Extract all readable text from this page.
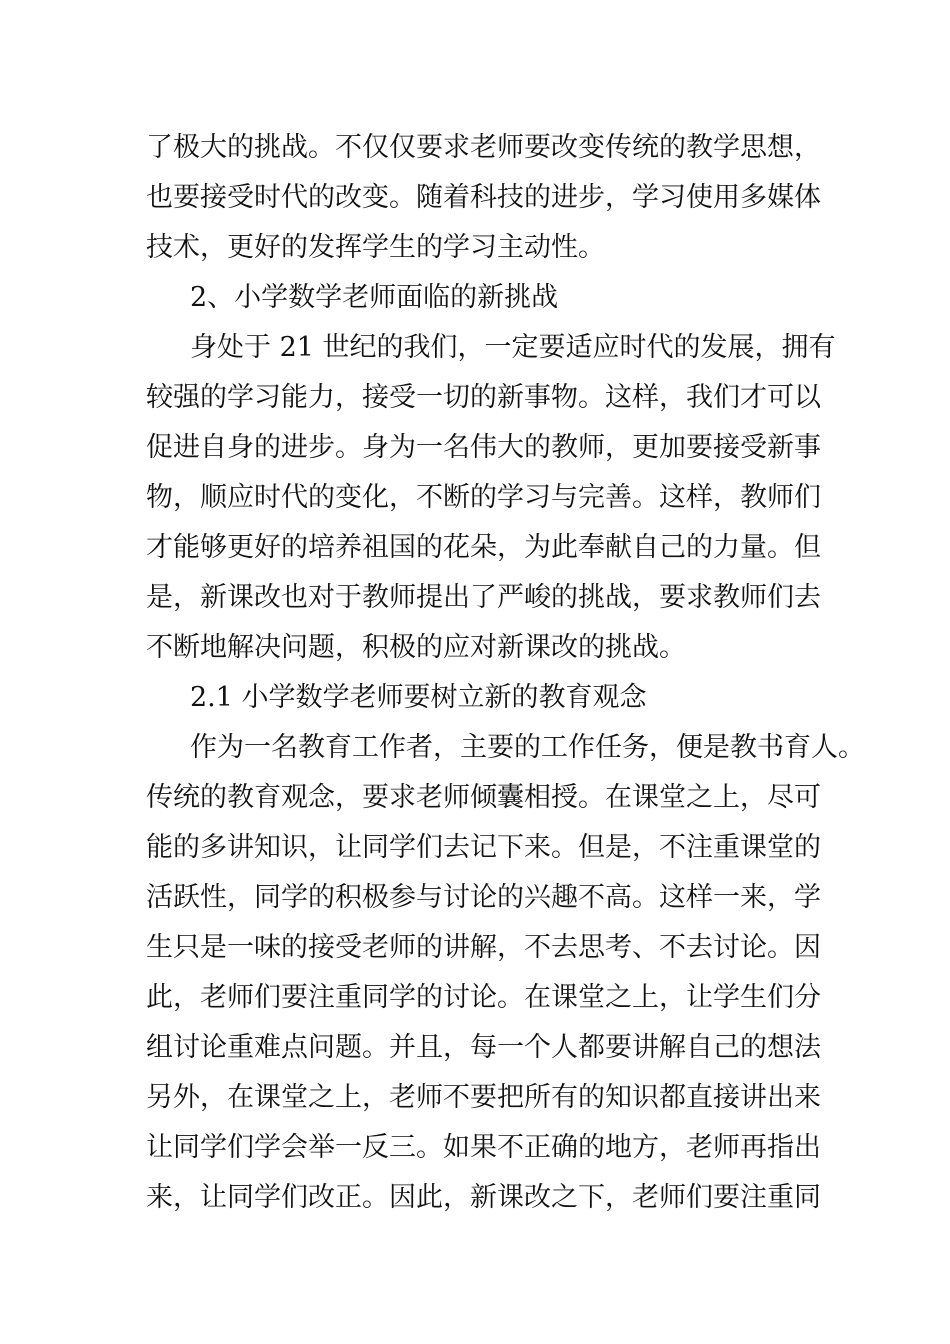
了极大的挑战。不仅仅要求老师要改变传统的教学思想，
也要接受时代的改变。随着科技的进步，学习使用多媒体
技术，更好的发挥学生的学习主动性。
2、小学数学老师面临的新挑战
身处于 21 世纪的我们，一定要适应时代的发展，拥有
较强的学习能力，接受一切的新事物。这样，我们才可以
促进自身的进步。身为一名伟大的教师，更加要接受新事
物，顺应时代的变化，不断的学习与完善。这样，教师们
才能够更好的培养祖国的花朵，为此奉献自己的力量。但
是，新课改也对于教师提出了严峻的挑战，要求教师们去
不断地解决问题，积极的应对新课改的挑战。
2.1 小学数学老师要树立新的教育观念
作为一名教育工作者，主要的工作任务，便是教书育人。
传统的教育观念，要求老师倾囊相授。在课堂之上，尽可
能的多讲知识，让同学们去记下来。但是，不注重课堂的
活跃性，同学的积极参与讨论的兴趣不高。这样一来，学
生只是一味的接受老师的讲解，不去思考、不去讨论。因
此，老师们要注重同学的讨论。在课堂之上，让学生们分
组讨论重难点问题。并且，每一个人都要讲解自己的想法
另外，在课堂之上，老师不要把所有的知识都直接讲出来
让同学们学会举一反三。如果不正确的地方，老师再指出
来，让同学们改正。因此，新课改之下，老师们要注重同
